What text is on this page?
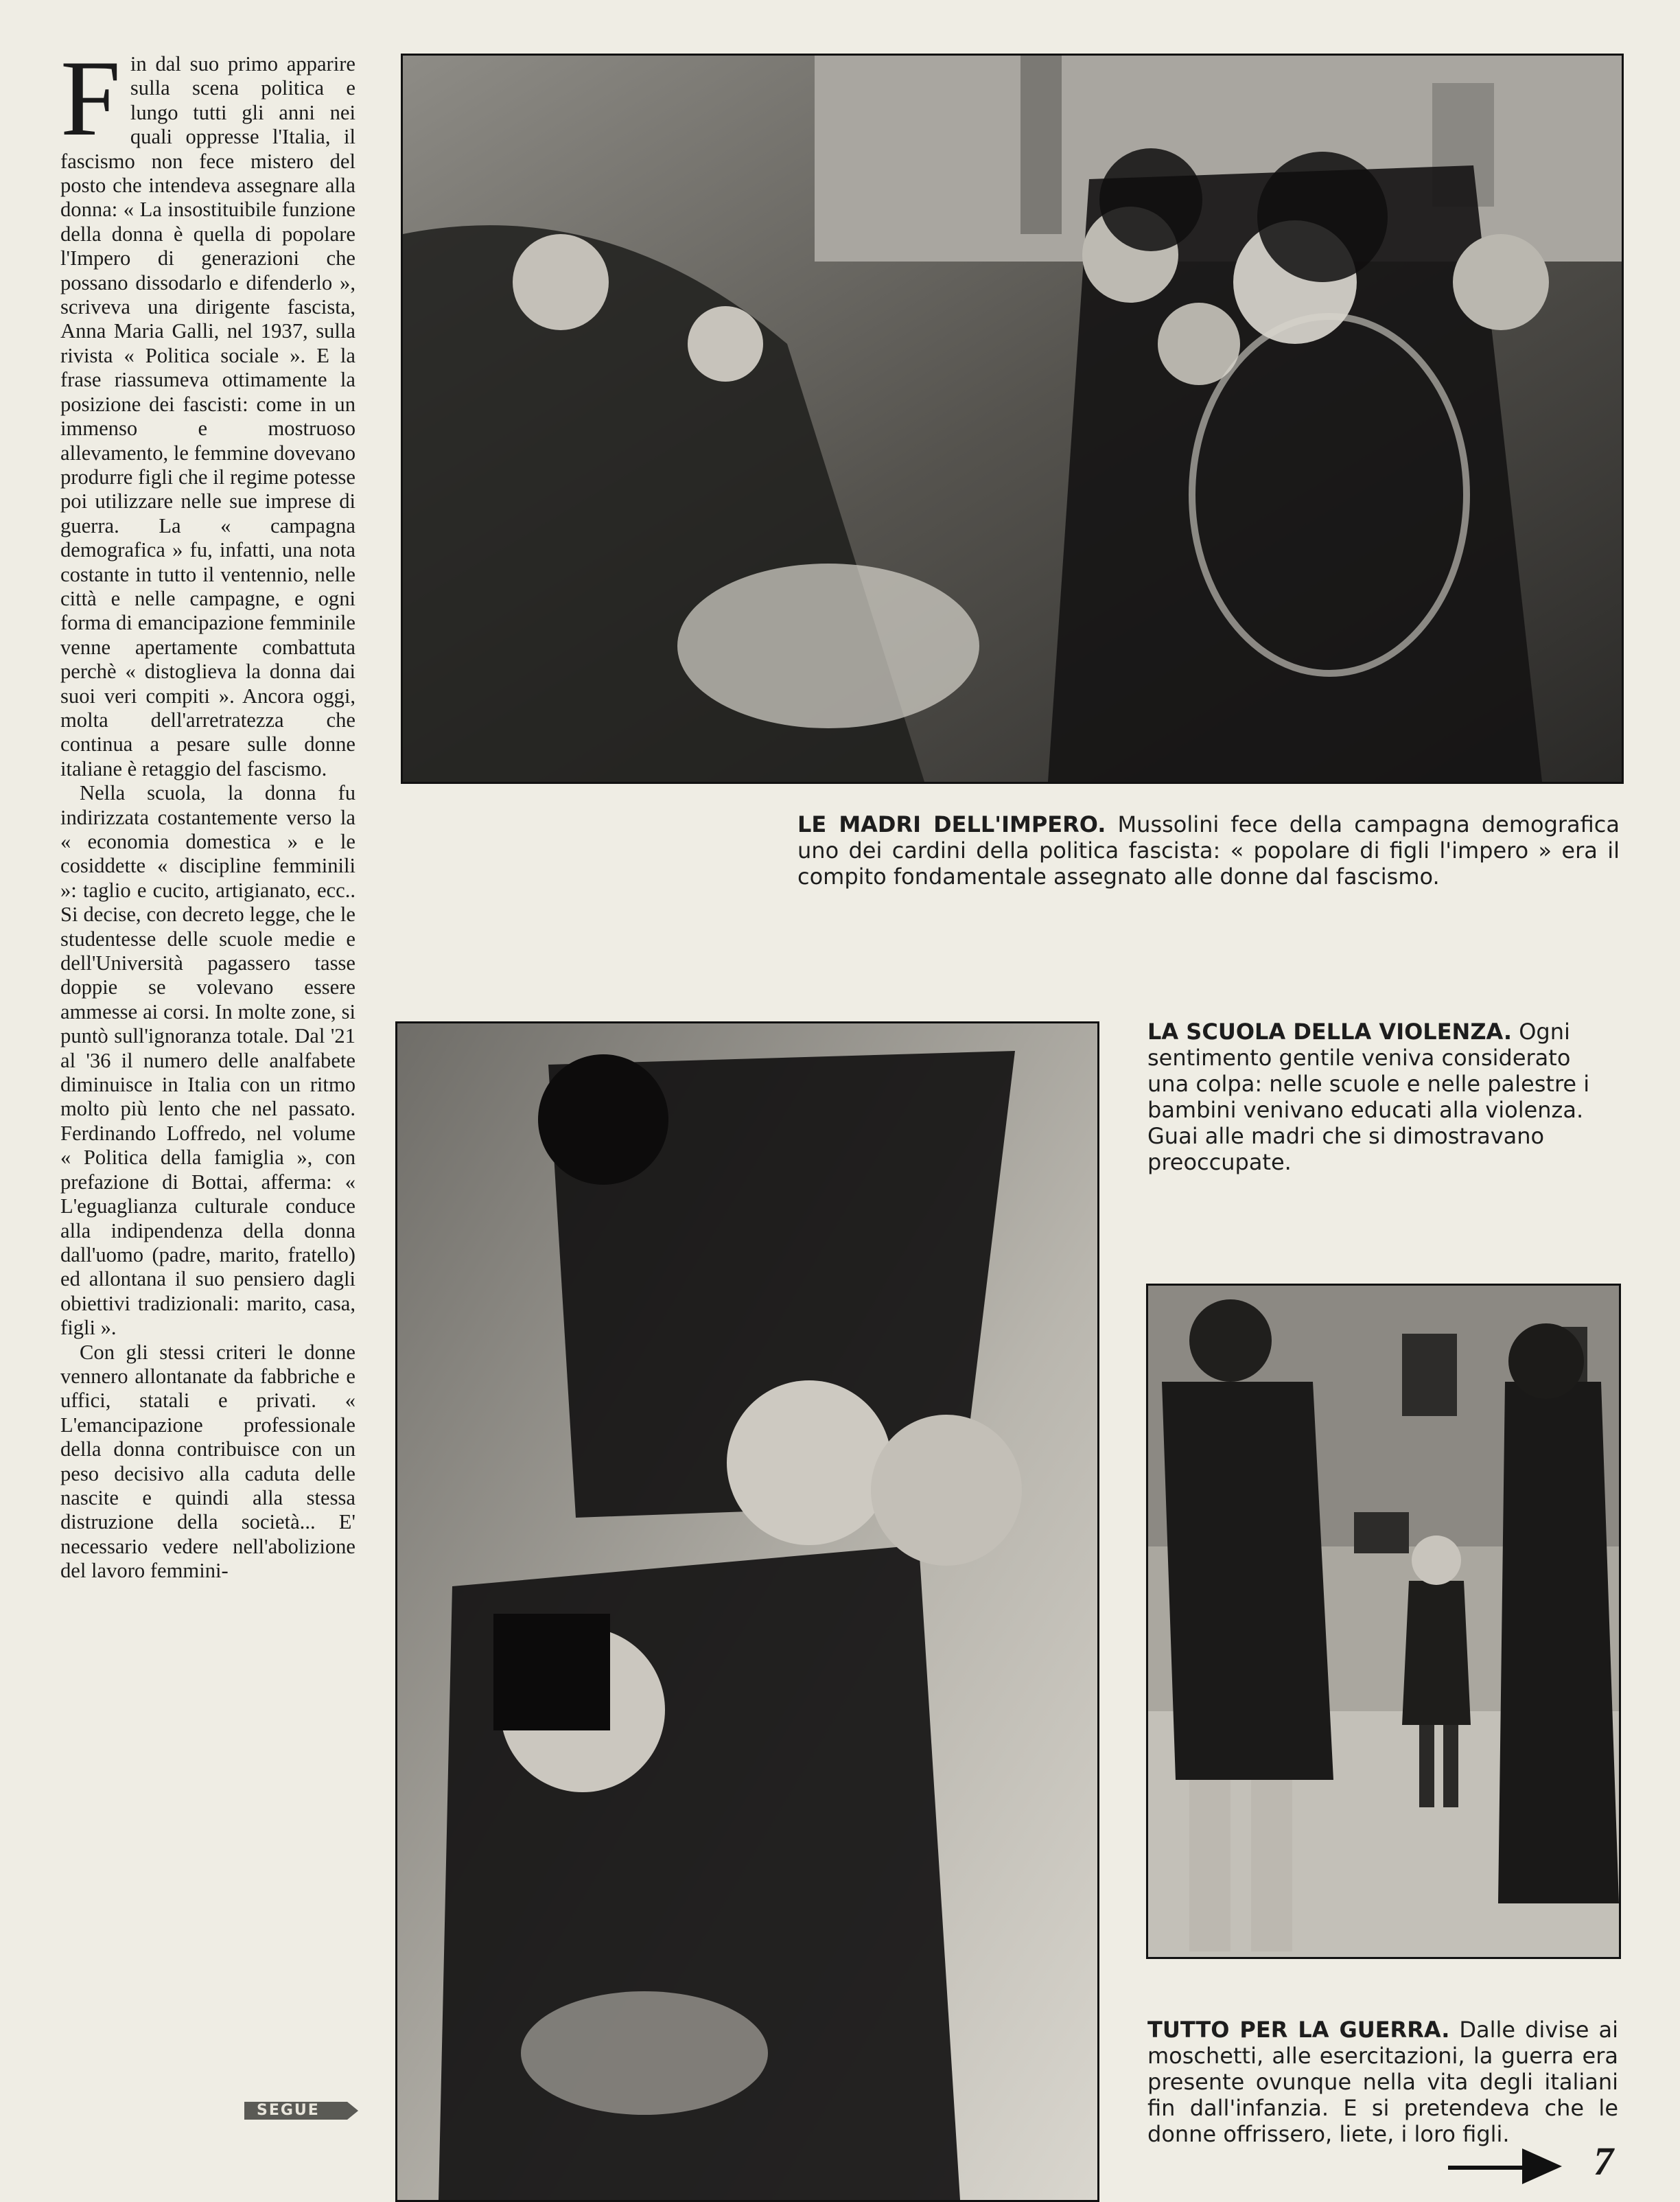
Fin dal suo primo apparire sulla scena politica e lungo tutti gli anni nei quali oppresse l'Italia, il fascismo non fece mistero del posto che intendeva assegnare alla donna: « La insostituibile funzione della donna è quella di popolare l'Impero di generazioni che possano dissodarlo e difenderlo », scriveva una dirigente fascista, Anna Maria Galli, nel 1937, sulla rivista « Politica sociale ». E la frase riassumeva ottimamente la posizione dei fascisti: come in un immenso e mostruoso allevamento, le femmine dovevano produrre figli che il regime potesse poi utilizzare nelle sue imprese di guerra. La « campagna demografica » fu, infatti, una nota costante in tutto il ventennio, nelle città e nelle campagne, e ogni forma di emancipazione femminile venne apertamente combattuta perchè « distoglieva la donna dai suoi veri compiti ». Ancora oggi, molta dell'arretratezza che continua a pesare sulle donne italiane è retaggio del fascismo.

Nella scuola, la donna fu indirizzata costantemente verso la « economia domestica » e le cosiddette « discipline femminili »: taglio e cucito, artigianato, ecc.. Si decise, con decreto legge, che le studentesse delle scuole medie e dell'Università pagassero tasse doppie se volevano essere ammesse ai corsi. In molte zone, si puntò sull'ignoranza totale. Dal '21 al '36 il numero delle analfabete diminuisce in Italia con un ritmo molto più lento che nel passato. Ferdinando Loffredo, nel volume « Politica della famiglia », con prefazione di Bottai, afferma: « L'eguaglianza culturale conduce alla indipendenza della donna dall'uomo (padre, marito, fratello) ed allontana il suo pensiero dagli obiettivi tradizionali: marito, casa, figli ».

Con gli stessi criteri le donne vennero allontanate da fabbriche e uffici, statali e privati. « L'emancipazione professionale della donna contribuisce con un peso decisivo alla caduta delle nascite e quindi alla stessa distruzione della società... E' necessario vedere nell'abolizione del lavoro femmini-

SEGUE
LE MADRI DELL'IMPERO. Mussolini fece della campagna demografica uno dei cardini della politica fascista: « popolare di figli l'impero » era il compito fondamentale assegnato alle donne dal fascismo.
LA SCUOLA DELLA VIOLENZA. Ogni sentimento gentile veniva considerato una colpa: nelle scuole e nelle palestre i bambini venivano educati alla violenza. Guai alle madri che si dimostravano preoccupate.
TUTTO PER LA GUERRA. Dalle divise ai moschetti, alle esercitazioni, la guerra era presente ovunque nella vita degli italiani fin dall'infanzia. E si pretendeva che le donne offrissero, liete, i loro figli.
7
